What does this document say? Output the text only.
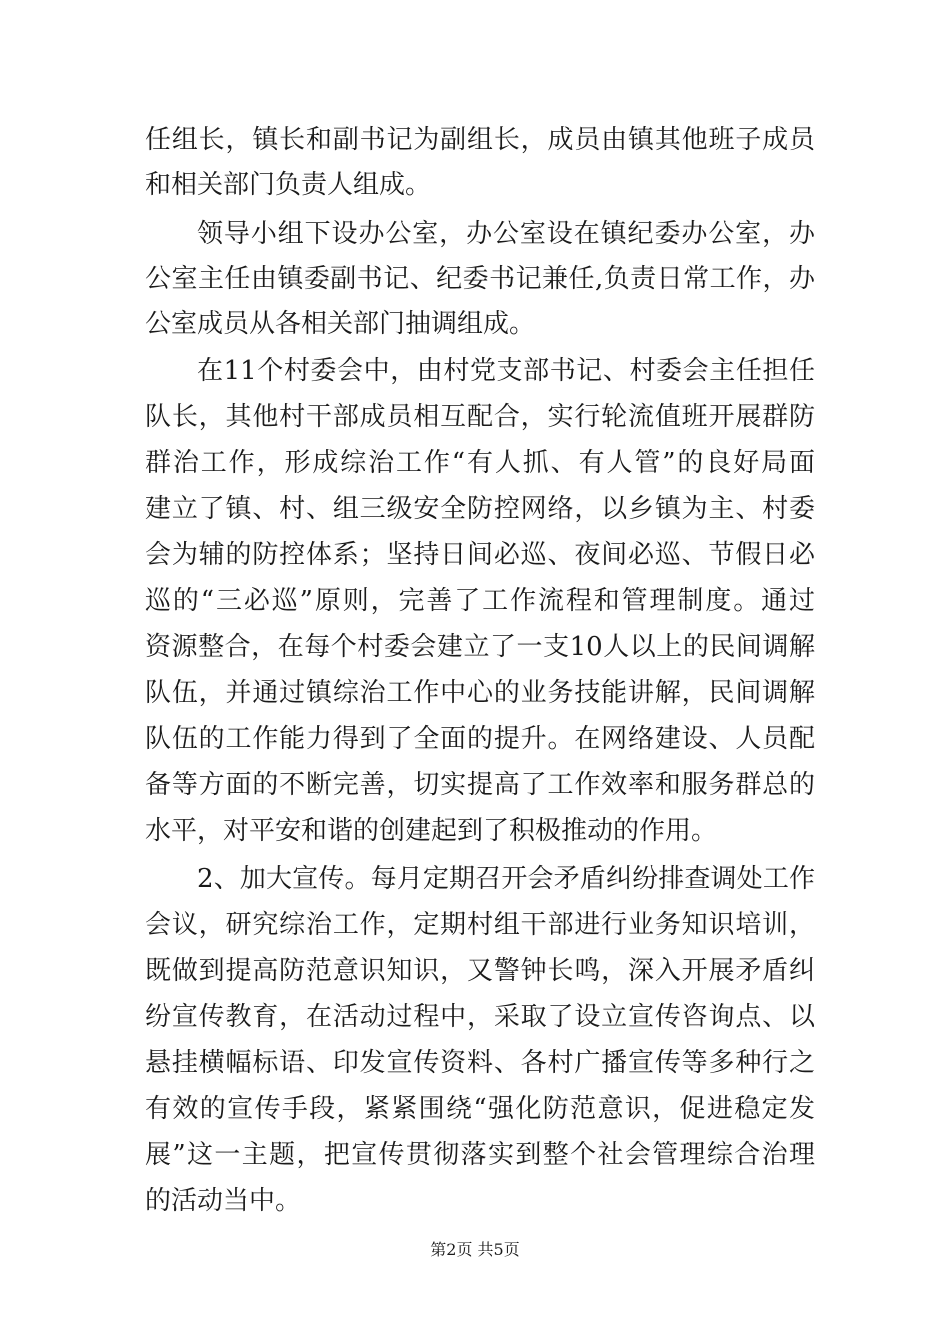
任组长，镇长和副书记为副组长，成员由镇其他班子成员
和相关部门负责人组成。
领导小组下设办公室，办公室设在镇纪委办公室，办
公室主任由镇委副书记、纪委书记兼任,负责日常工作，办
公室成员从各相关部门抽调组成。
在11个村委会中，由村党支部书记、村委会主任担任
队长，其他村干部成员相互配合，实行轮流值班开展群防
群治工作，形成综治工作“有人抓、有人管”的良好局面
建立了镇、村、组三级安全防控网络，以乡镇为主、村委
会为辅的防控体系；坚持日间必巡、夜间必巡、节假日必
巡的“三必巡”原则，完善了工作流程和管理制度。通过
资源整合，在每个村委会建立了一支10人以上的民间调解
队伍，并通过镇综治工作中心的业务技能讲解，民间调解
队伍的工作能力得到了全面的提升。在网络建设、人员配
备等方面的不断完善，切实提高了工作效率和服务群总的
水平，对平安和谐的创建起到了积极推动的作用。
2、加大宣传。每月定期召开会矛盾纠纷排查调处工作
会议，研究综治工作，定期村组干部进行业务知识培训，
既做到提高防范意识知识，又警钟长鸣，深入开展矛盾纠
纷宣传教育，在活动过程中，采取了设立宣传咨询点、以
悬挂横幅标语、印发宣传资料、各村广播宣传等多种行之
有效的宣传手段，紧紧围绕“强化防范意识，促进稳定发
展”这一主题，把宣传贯彻落实到整个社会管理综合治理
的活动当中。
第2页 共5页
